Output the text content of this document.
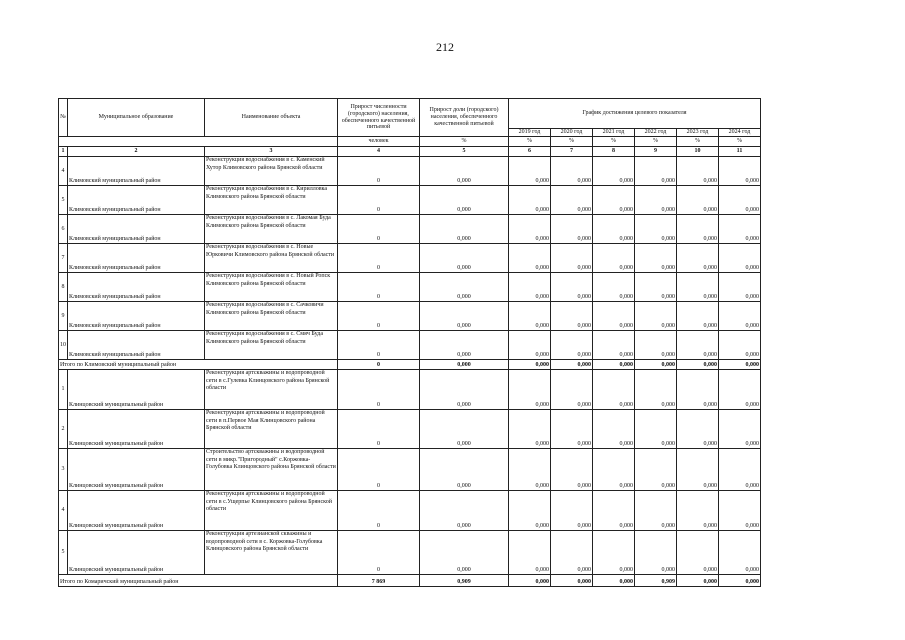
212
№	Муниципальное образование	Наименование объекта	Прирост численности (городского) населения, обеспеченного качественной питьевой	Прирост доли (городского) населения, обеспеченного качественной питьевой	График достижения целевого показателя					
					2019 год	2020 год	2021 год	2022 год	2023 год	2024 год
			человек	%	%	%	%	%	%	%
1	2	3	4	5	6	7	8	9	10	11
4	Климовский муниципальный район	Реконструкция водоснабжения в с. Каменский Хутор Климовского района Брянской области	0	0,000	0,000	0,000	0,000	0,000	0,000	0,000
5	Климовский муниципальный район	Реконструкция водоснабжения в с. Кирилловка Климовского района Брянской области	0	0,000	0,000	0,000	0,000	0,000	0,000	0,000
6	Климовский муниципальный район	Реконструкция водоснабжения в с. Лакомая Буда Климовского района Брянской области	0	0,000	0,000	0,000	0,000	0,000	0,000	0,000
7	Климовский муниципальный район	Реконструкция водоснабжения в с. Новые Юрковичи Климовского района Брянской области	0	0,000	0,000	0,000	0,000	0,000	0,000	0,000
8	Климовский муниципальный район	Реконструкция водоснабжения в с. Новый Ропск Климовского района Брянской области	0	0,000	0,000	0,000	0,000	0,000	0,000	0,000
9	Климовский муниципальный район	Реконструкция водоснабжения в с. Сачковичи Климовского района Брянской области	0	0,000	0,000	0,000	0,000	0,000	0,000	0,000
10	Климовский муниципальный район	Реконструкция водоснабжения в с. Смяч Буда Климовского района Брянской области	0	0,000	0,000	0,000	0,000	0,000	0,000	0,000
Итого по Климовский муниципальный район			0	0,000	0,000	0,000	0,000	0,000	0,000	0,000
1	Клинцовский муниципальный район	Реконструкция артскважины и водопроводной сети в с.Гулевка Клинцовского района Брянской области	0	0,000	0,000	0,000	0,000	0,000	0,000	0,000
2	Клинцовский муниципальный район	Реконструкция артскважины и водопроводной сети в п.Первое Мая Клинцовского района Брянской области	0	0,000	0,000	0,000	0,000	0,000	0,000	0,000
3	Клинцовский муниципальный район	Строительство артскважины и водопроводной сети в микр."Пригородный" с.Коржовка-Голубовка Клинцовского района Брянской области	0	0,000	0,000	0,000	0,000	0,000	0,000	0,000
4	Клинцовский муниципальный район	Реконструкция артскважины и водопроводной сети в с.Ущерпье Клинцовского района Брянской области	0	0,000	0,000	0,000	0,000	0,000	0,000	0,000
5	Клинцовский муниципальный район	Реконструкция артезианской скважины и водопроводной сети в с. Коржовка-Голубовка Клинцовского района Брянской области	0	0,000	0,000	0,000	0,000	0,000	0,000	0,000
Итого по Комаричский муниципальный район			7 869	0,909	0,000	0,000	0,000	0,909	0,000	0,000
